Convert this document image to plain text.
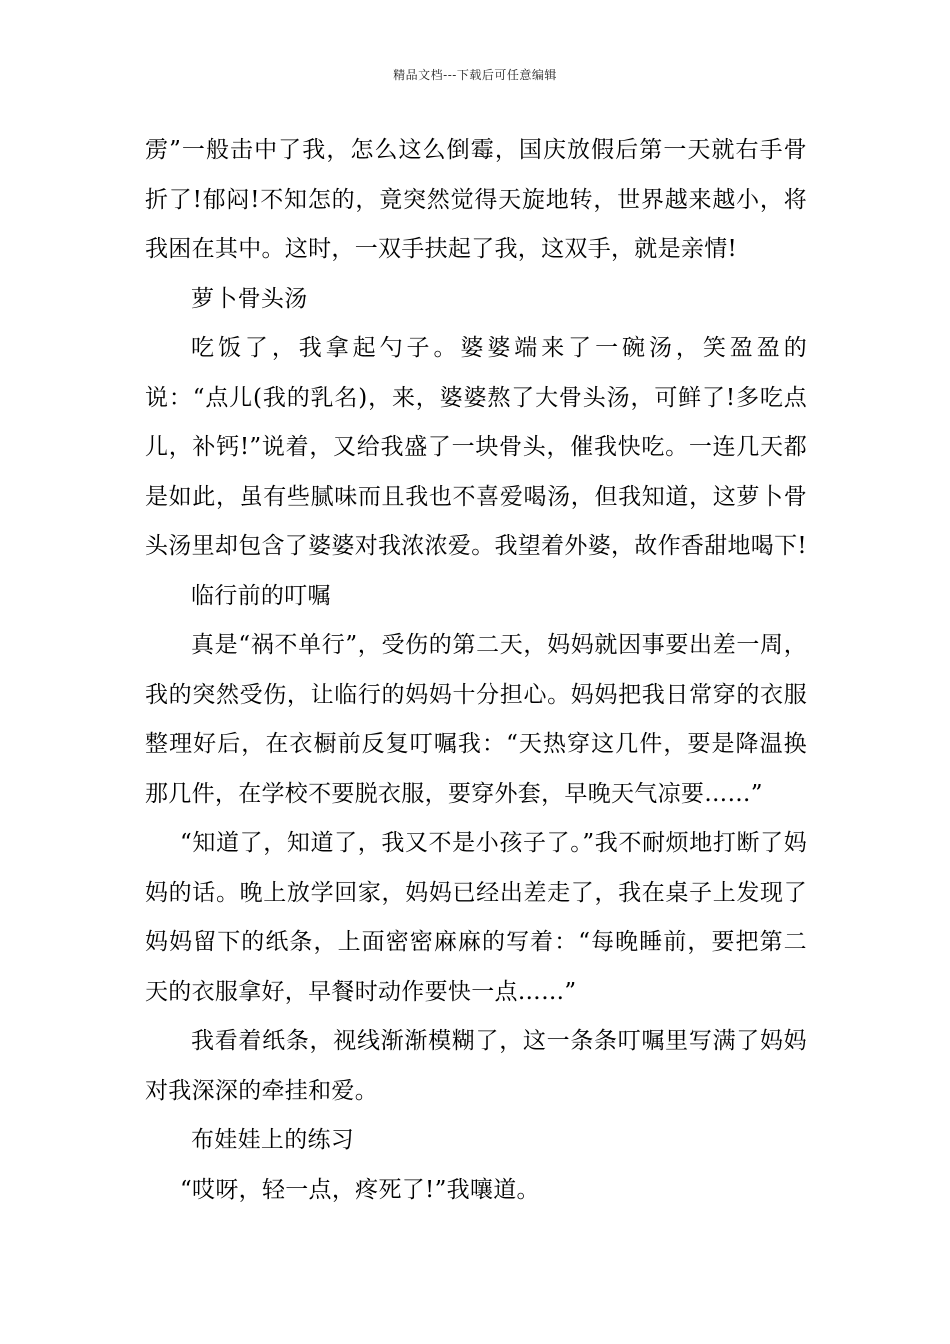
精品文档---下载后可任意编辑

雳”一般击中了我，怎么这么倒霉，国庆放假后第一天就右手骨折了!郁闷!不知怎的，竟突然觉得天旋地转，世界越来越小，将我困在其中。这时，一双手扶起了我，这双手，就是亲情!

萝卜骨头汤

吃饭了，我拿起勺子。婆婆端来了一碗汤，笑盈盈的说：“点儿(我的乳名)，来，婆婆熬了大骨头汤，可鲜了!多吃点儿，补钙!”说着，又给我盛了一块骨头，催我快吃。一连几天都是如此，虽有些腻味而且我也不喜爱喝汤，但我知道，这萝卜骨头汤里却包含了婆婆对我浓浓爱。我望着外婆，故作香甜地喝下!

临行前的叮嘱

真是“祸不单行”，受伤的第二天，妈妈就因事要出差一周，我的突然受伤，让临行的妈妈十分担心。妈妈把我日常穿的衣服整理好后，在衣橱前反复叮嘱我：“天热穿这几件，要是降温换那几件，在学校不要脱衣服，要穿外套，早晚天气凉要……”

“知道了，知道了，我又不是小孩子了。”我不耐烦地打断了妈妈的话。晚上放学回家，妈妈已经出差走了，我在桌子上发现了妈妈留下的纸条，上面密密麻麻的写着：“每晚睡前，要把第二天的衣服拿好，早餐时动作要快一点……”

我看着纸条，视线渐渐模糊了，这一条条叮嘱里写满了妈妈对我深深的牵挂和爱。

布娃娃上的练习

“哎呀，轻一点，疼死了!”我嚷道。
